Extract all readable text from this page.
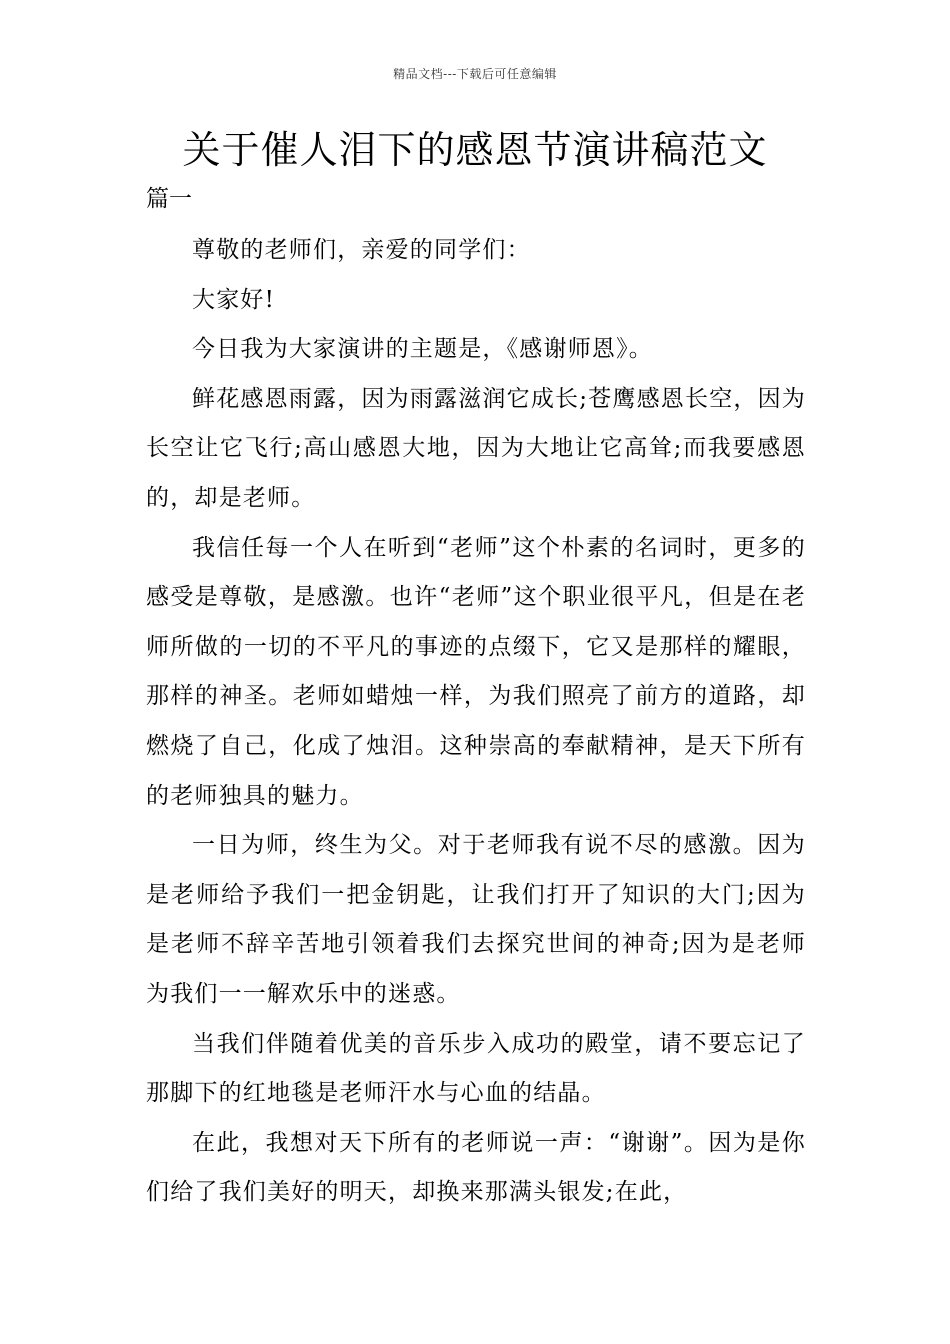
精品文档---下载后可任意编辑
关于催人泪下的感恩节演讲稿范文
篇一

尊敬的老师们，亲爱的同学们：

大家好!

今日我为大家演讲的主题是，《感谢师恩》。

鲜花感恩雨露，因为雨露滋润它成长;苍鹰感恩长空，因为长空让它飞行;高山感恩大地，因为大地让它高耸;而我要感恩的，却是老师。

我信任每一个人在听到“老师”这个朴素的名词时，更多的感受是尊敬，是感激。也许“老师”这个职业很平凡，但是在老师所做的一切的不平凡的事迹的点缀下，它又是那样的耀眼，那样的神圣。老师如蜡烛一样，为我们照亮了前方的道路，却燃烧了自己，化成了烛泪。这种崇高的奉献精神，是天下所有的老师独具的魅力。

一日为师，终生为父。对于老师我有说不尽的感激。因为是老师给予我们一把金钥匙，让我们打开了知识的大门;因为是老师不辞辛苦地引领着我们去探究世间的神奇;因为是老师为我们一一解欢乐中的迷惑。

当我们伴随着优美的音乐步入成功的殿堂，请不要忘记了那脚下的红地毯是老师汗水与心血的结晶。

在此，我想对天下所有的老师说一声：“谢谢”。因为是你们给了我们美好的明天，却换来那满头银发;在此，
